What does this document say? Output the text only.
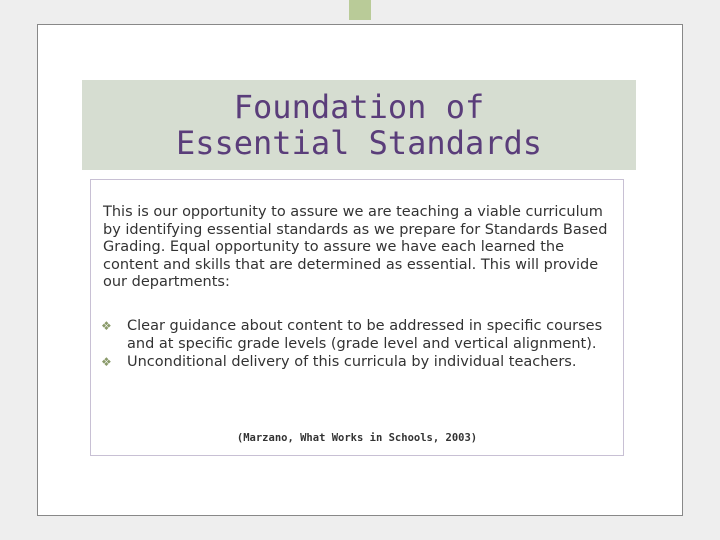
Foundation of Essential Standards

This is our opportunity to assure we are teaching a viable curriculum by identifying essential standards as we prepare for Standards Based Grading. Equal opportunity to assure we have each learned the content and skills that are determined as essential. This will provide our departments:

❖ Clear guidance about content to be addressed in specific courses and at specific grade levels (grade level and vertical alignment).
❖ Unconditional delivery of this curricula by individual teachers.

(Marzano, What Works in Schools, 2003)
